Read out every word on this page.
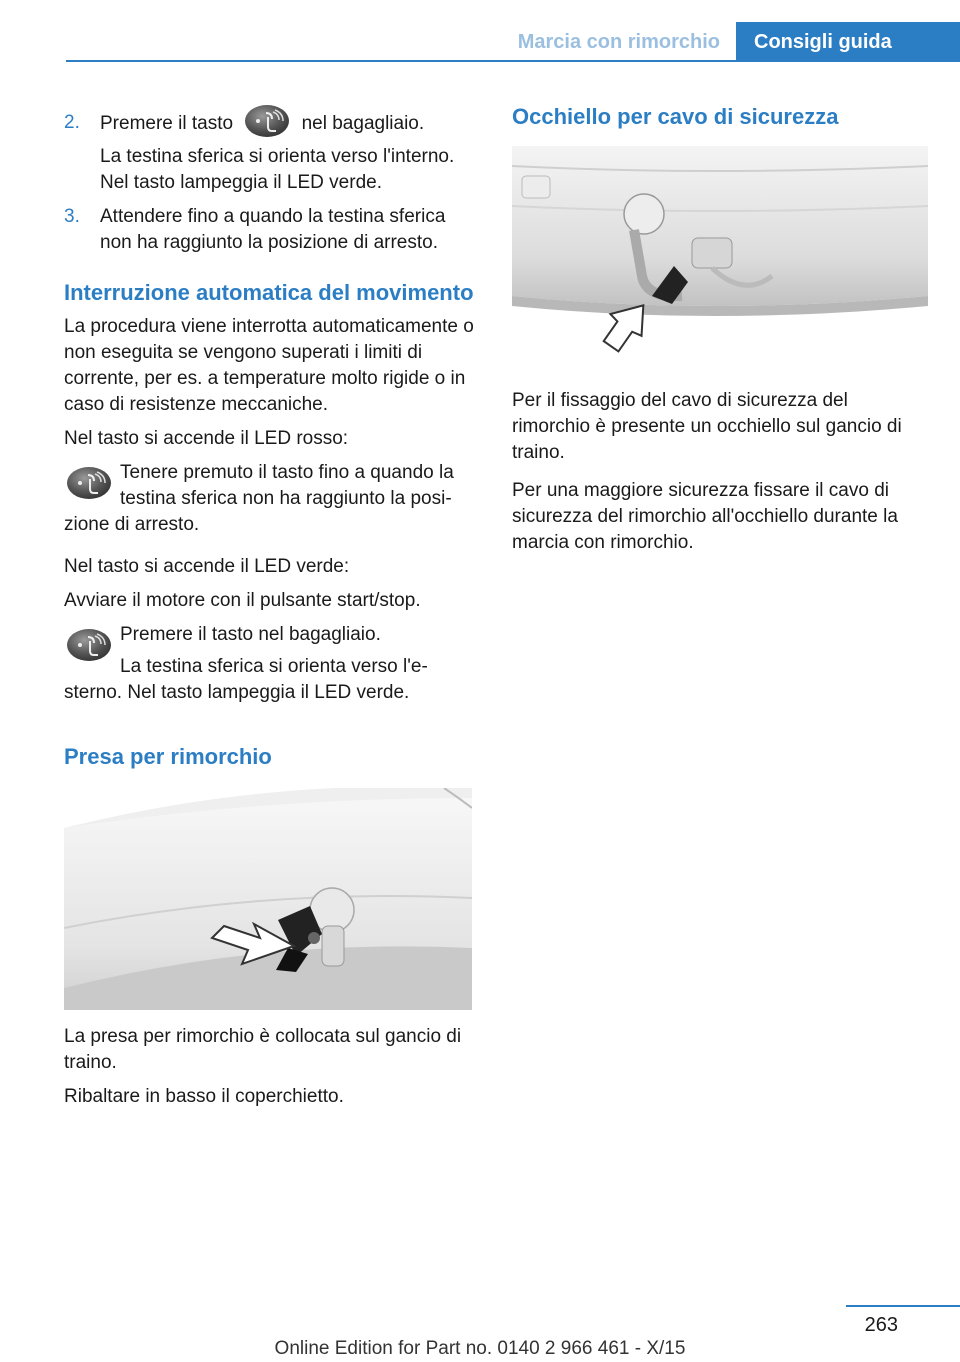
Marcia con rimorchio	Consigli guida
2. Premere il tasto	nel bagagliaio.

La testina sferica si orienta verso l'interno. Nel tasto lampeggia il LED verde.

3. Attendere fino a quando la testina sferica non ha raggiunto la posizione di arresto.

Interruzione automatica del movimento

La procedura viene interrotta automaticamente o non eseguita se vengono superati i limiti di corrente, per es. a temperature molto rigide o in caso di resistenze meccaniche.

Nel tasto si accende il LED rosso:

Tenere premuto il tasto fino a quando la testina sferica non ha raggiunto la posi-

zione di arresto.

Nel tasto si accende il LED verde:

Avviare il motore con il pulsante start/stop.

Premere il tasto nel bagagliaio.

La testina sferica si orienta verso l'e-

sterno. Nel tasto lampeggia il LED verde.

Presa per rimorchio

La presa per rimorchio è collocata sul gancio di traino.

Ribaltare in basso il coperchietto.

Occhiello per cavo di sicurezza

Per il fissaggio del cavo di sicurezza del rimorchio è presente un occhiello sul gancio di traino.

Per una maggiore sicurezza fissare il cavo di sicurezza del rimorchio all'occhiello durante la marcia con rimorchio.

263
Online Edition for Part no. 0140 2 966 461 - X/15
